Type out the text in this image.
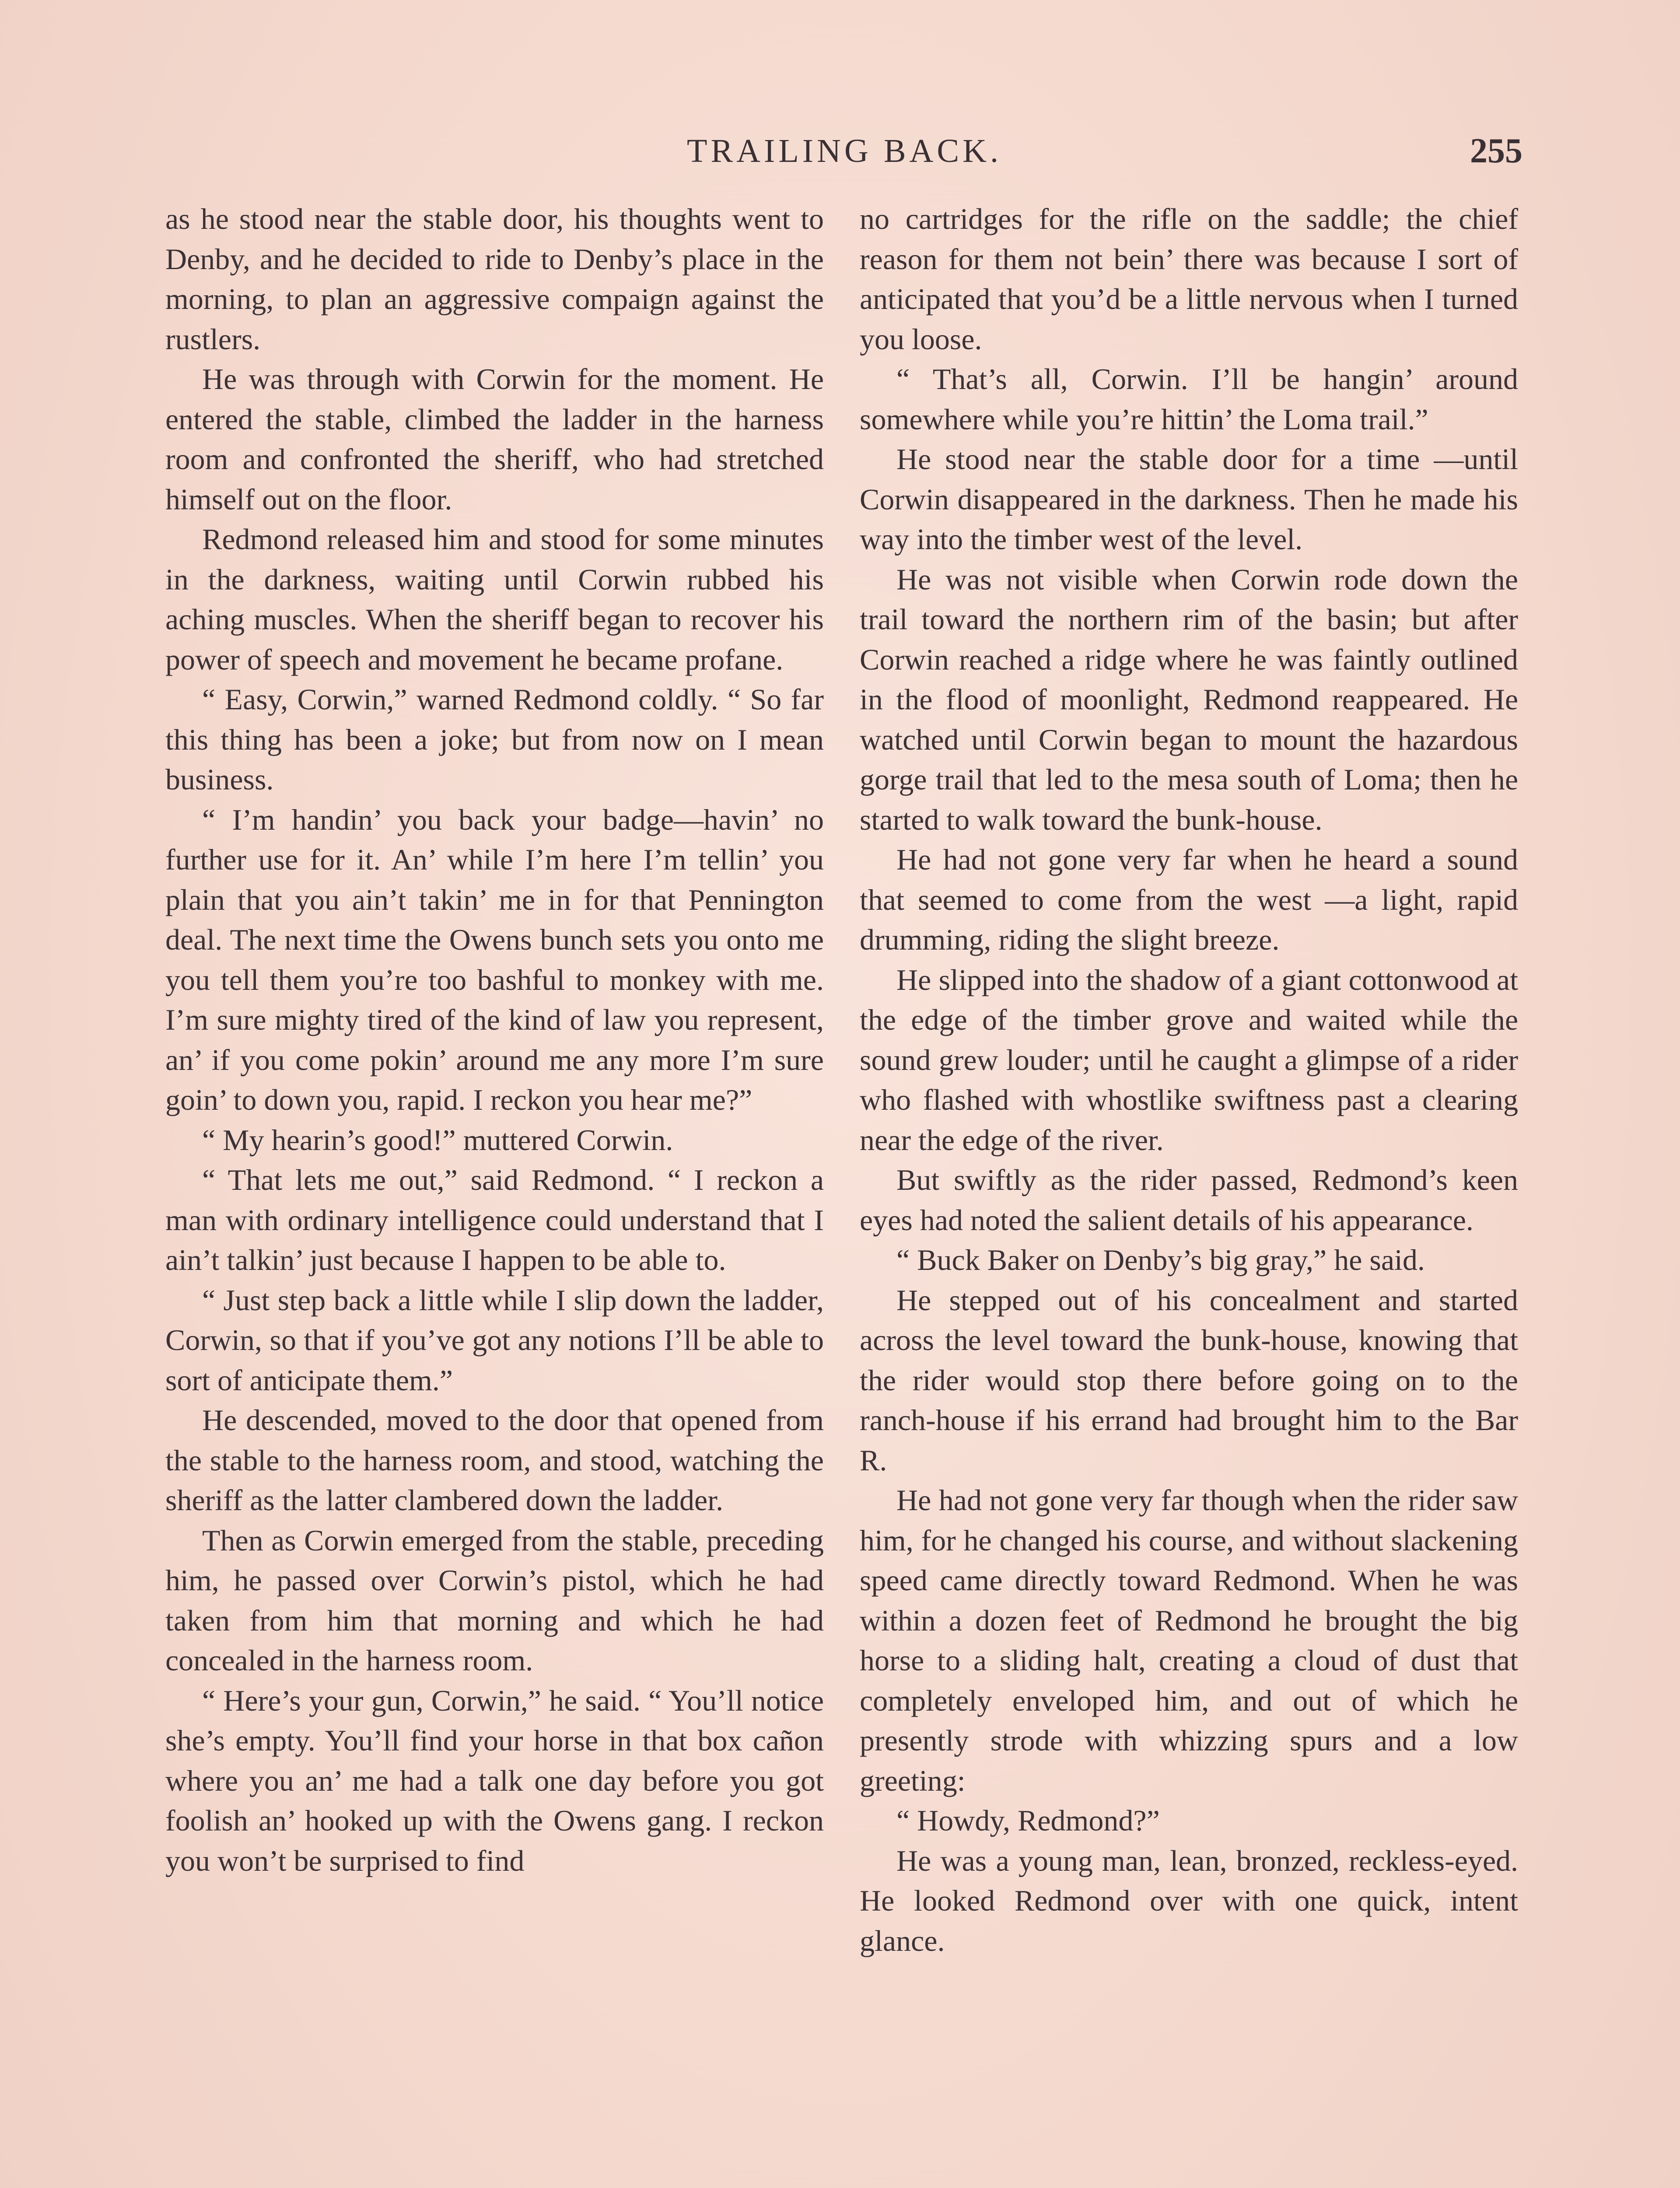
TRAILING BACK.	255

as he stood near the stable door, his thoughts went to Denby, and he decided to ride to Denby’s place in the morning, to plan an aggressive compaign against the rustlers.

He was through with Corwin for the moment. He entered the stable, climbed the ladder in the harness room and confronted the sheriff, who had stretched himself out on the floor.

Redmond released him and stood for some minutes in the darkness, waiting until Corwin rubbed his aching muscles. When the sheriff began to recover his power of speech and movement he became profane.

“ Easy, Corwin,” warned Redmond coldly. “ So far this thing has been a joke; but from now on I mean business.

“ I’m handin’ you back your badge—havin’ no further use for it. An’ while I’m here I’m tellin’ you plain that you ain’t takin’ me in for that Pennington deal. The next time the Owens bunch sets you onto me you tell them you’re too bashful to monkey with me. I’m sure mighty tired of the kind of law you represent, an’ if you come pokin’ around me any more I’m sure goin’ to down you, rapid. I reckon you hear me?”

“ My hearin’s good!” muttered Corwin.

“ That lets me out,” said Redmond. “ I reckon a man with ordinary intelligence could understand that I ain’t talkin’ just because I happen to be able to.

“ Just step back a little while I slip down the ladder, Corwin, so that if you’ve got any notions I’ll be able to sort of anticipate them.”

He descended, moved to the door that opened from the stable to the harness room, and stood, watching the sheriff as the latter clambered down the ladder.

Then as Corwin emerged from the stable, preceding him, he passed over Corwin’s pistol, which he had taken from him that morning and which he had concealed in the harness room.

“ Here’s your gun, Corwin,” he said. “ You’ll notice she’s empty. You’ll find your horse in that box cañon where you an’ me had a talk one day before you got foolish an’ hooked up with the Owens gang. I reckon you won’t be surprised to find

no cartridges for the rifle on the saddle; the chief reason for them not bein’ there was because I sort of anticipated that you’d be a little nervous when I turned you loose.

“ That’s all, Corwin. I’ll be hangin’ around somewhere while you’re hittin’ the Loma trail.”

He stood near the stable door for a time —until Corwin disappeared in the darkness. Then he made his way into the timber west of the level.

He was not visible when Corwin rode down the trail toward the northern rim of the basin; but after Corwin reached a ridge where he was faintly outlined in the flood of moonlight, Redmond reappeared. He watched until Corwin began to mount the hazardous gorge trail that led to the mesa south of Loma; then he started to walk toward the bunk-house.

He had not gone very far when he heard a sound that seemed to come from the west —a light, rapid drumming, riding the slight breeze.

He slipped into the shadow of a giant cottonwood at the edge of the timber grove and waited while the sound grew louder; until he caught a glimpse of a rider who flashed with whostlike swiftness past a clearing near the edge of the river.

But swiftly as the rider passed, Redmond’s keen eyes had noted the salient details of his appearance.

“ Buck Baker on Denby’s big gray,” he said.

He stepped out of his concealment and started across the level toward the bunk-house, knowing that the rider would stop there before going on to the ranch-house if his errand had brought him to the Bar R.

He had not gone very far though when the rider saw him, for he changed his course, and without slackening speed came directly toward Redmond. When he was within a dozen feet of Redmond he brought the big horse to a sliding halt, creating a cloud of dust that completely enveloped him, and out of which he presently strode with whizzing spurs and a low greeting:

“ Howdy, Redmond?”

He was a young man, lean, bronzed, reckless-eyed. He looked Redmond over with one quick, intent glance.
